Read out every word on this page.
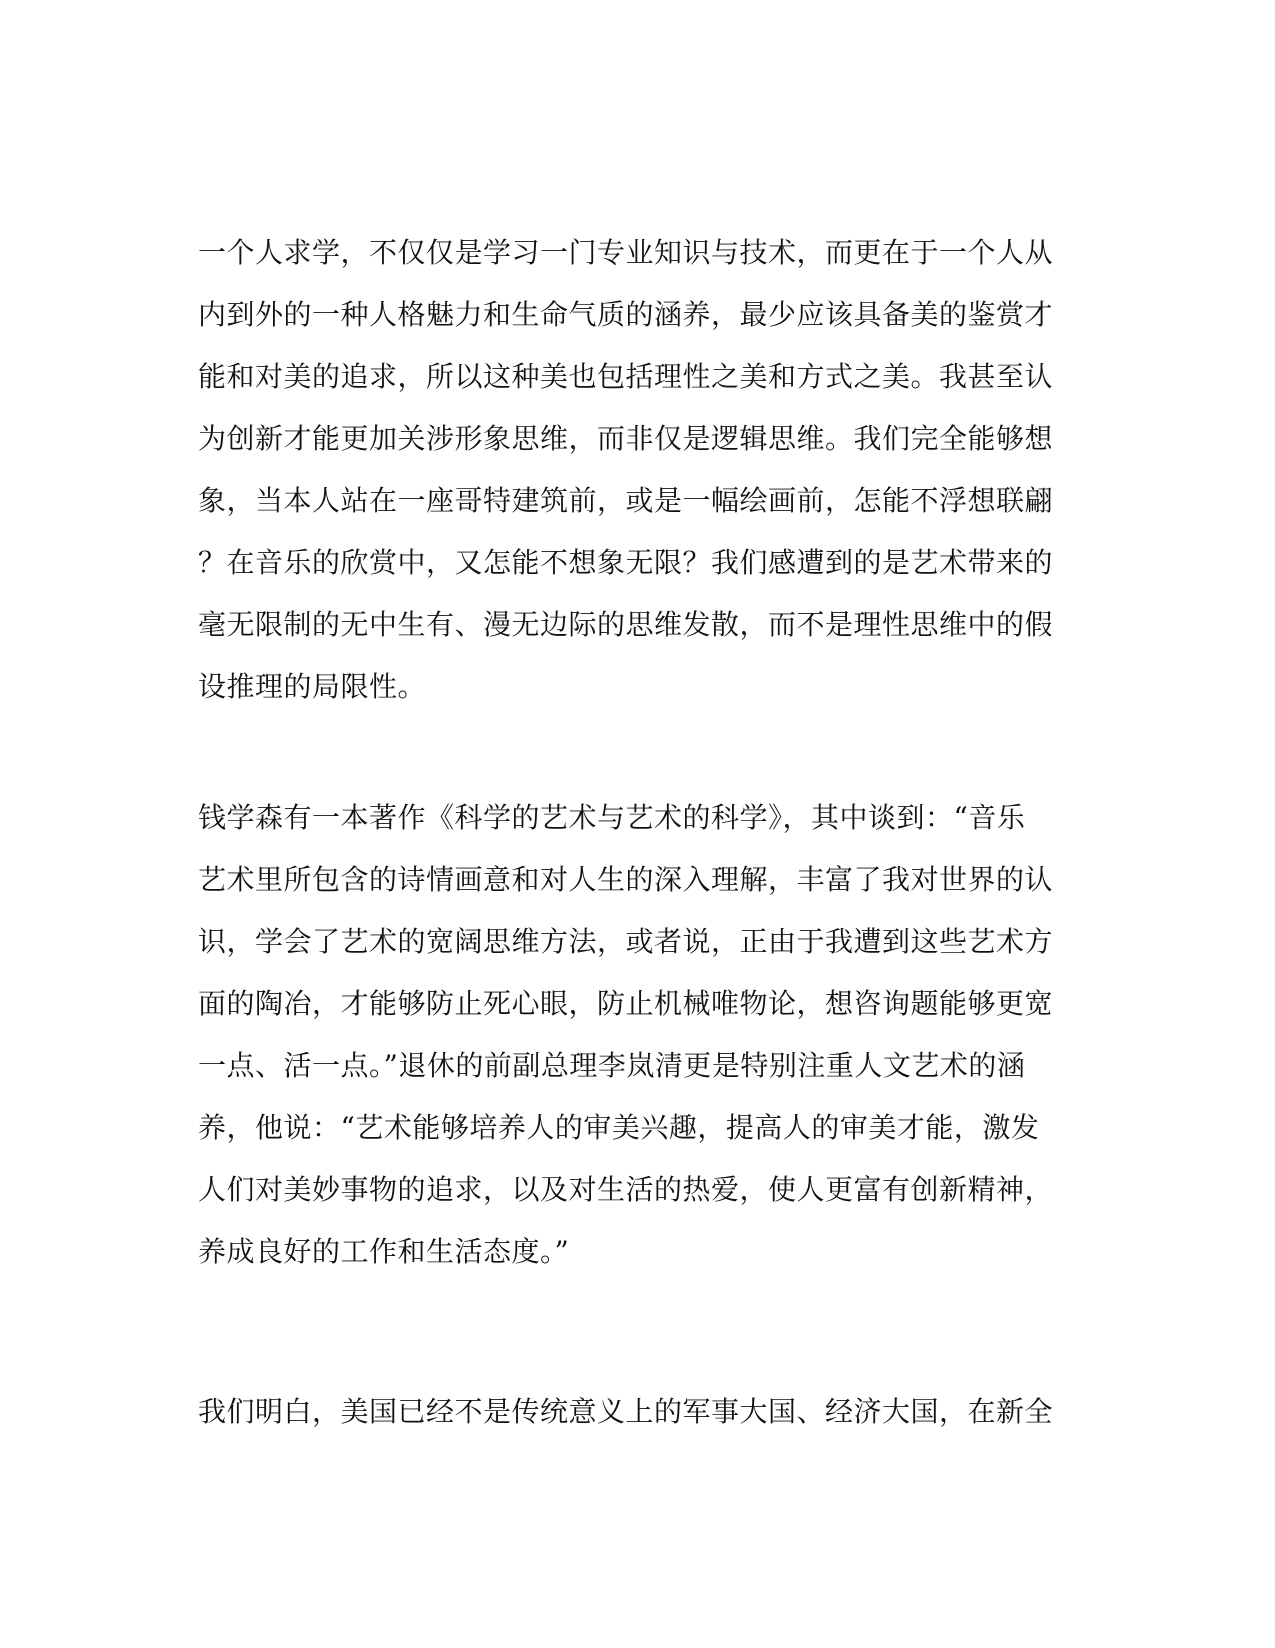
一个人求学，不仅仅是学习一门专业知识与技术，而更在于一个人从
内到外的一种人格魅力和生命气质的涵养，最少应该具备美的鉴赏才
能和对美的追求，所以这种美也包括理性之美和方式之美。我甚至认
为创新才能更加关涉形象思维，而非仅是逻辑思维。我们完全能够想
象，当本人站在一座哥特建筑前，或是一幅绘画前，怎能不浮想联翩
？在音乐的欣赏中，又怎能不想象无限？我们感遭到的是艺术带来的
毫无限制的无中生有、漫无边际的思维发散，而不是理性思维中的假
设推理的局限性。
钱学森有一本著作《科学的艺术与艺术的科学》，其中谈到：“音乐
艺术里所包含的诗情画意和对人生的深入理解，丰富了我对世界的认
识，学会了艺术的宽阔思维方法，或者说，正由于我遭到这些艺术方
面的陶冶，才能够防止死心眼，防止机械唯物论，想咨询题能够更宽
一点、活一点。”退休的前副总理李岚清更是特别注重人文艺术的涵
养，他说：“艺术能够培养人的审美兴趣，提高人的审美才能，激发
人们对美妙事物的追求，以及对生活的热爱，使人更富有创新精神，
养成良好的工作和生活态度。”
我们明白，美国已经不是传统意义上的军事大国、经济大国，在新全
